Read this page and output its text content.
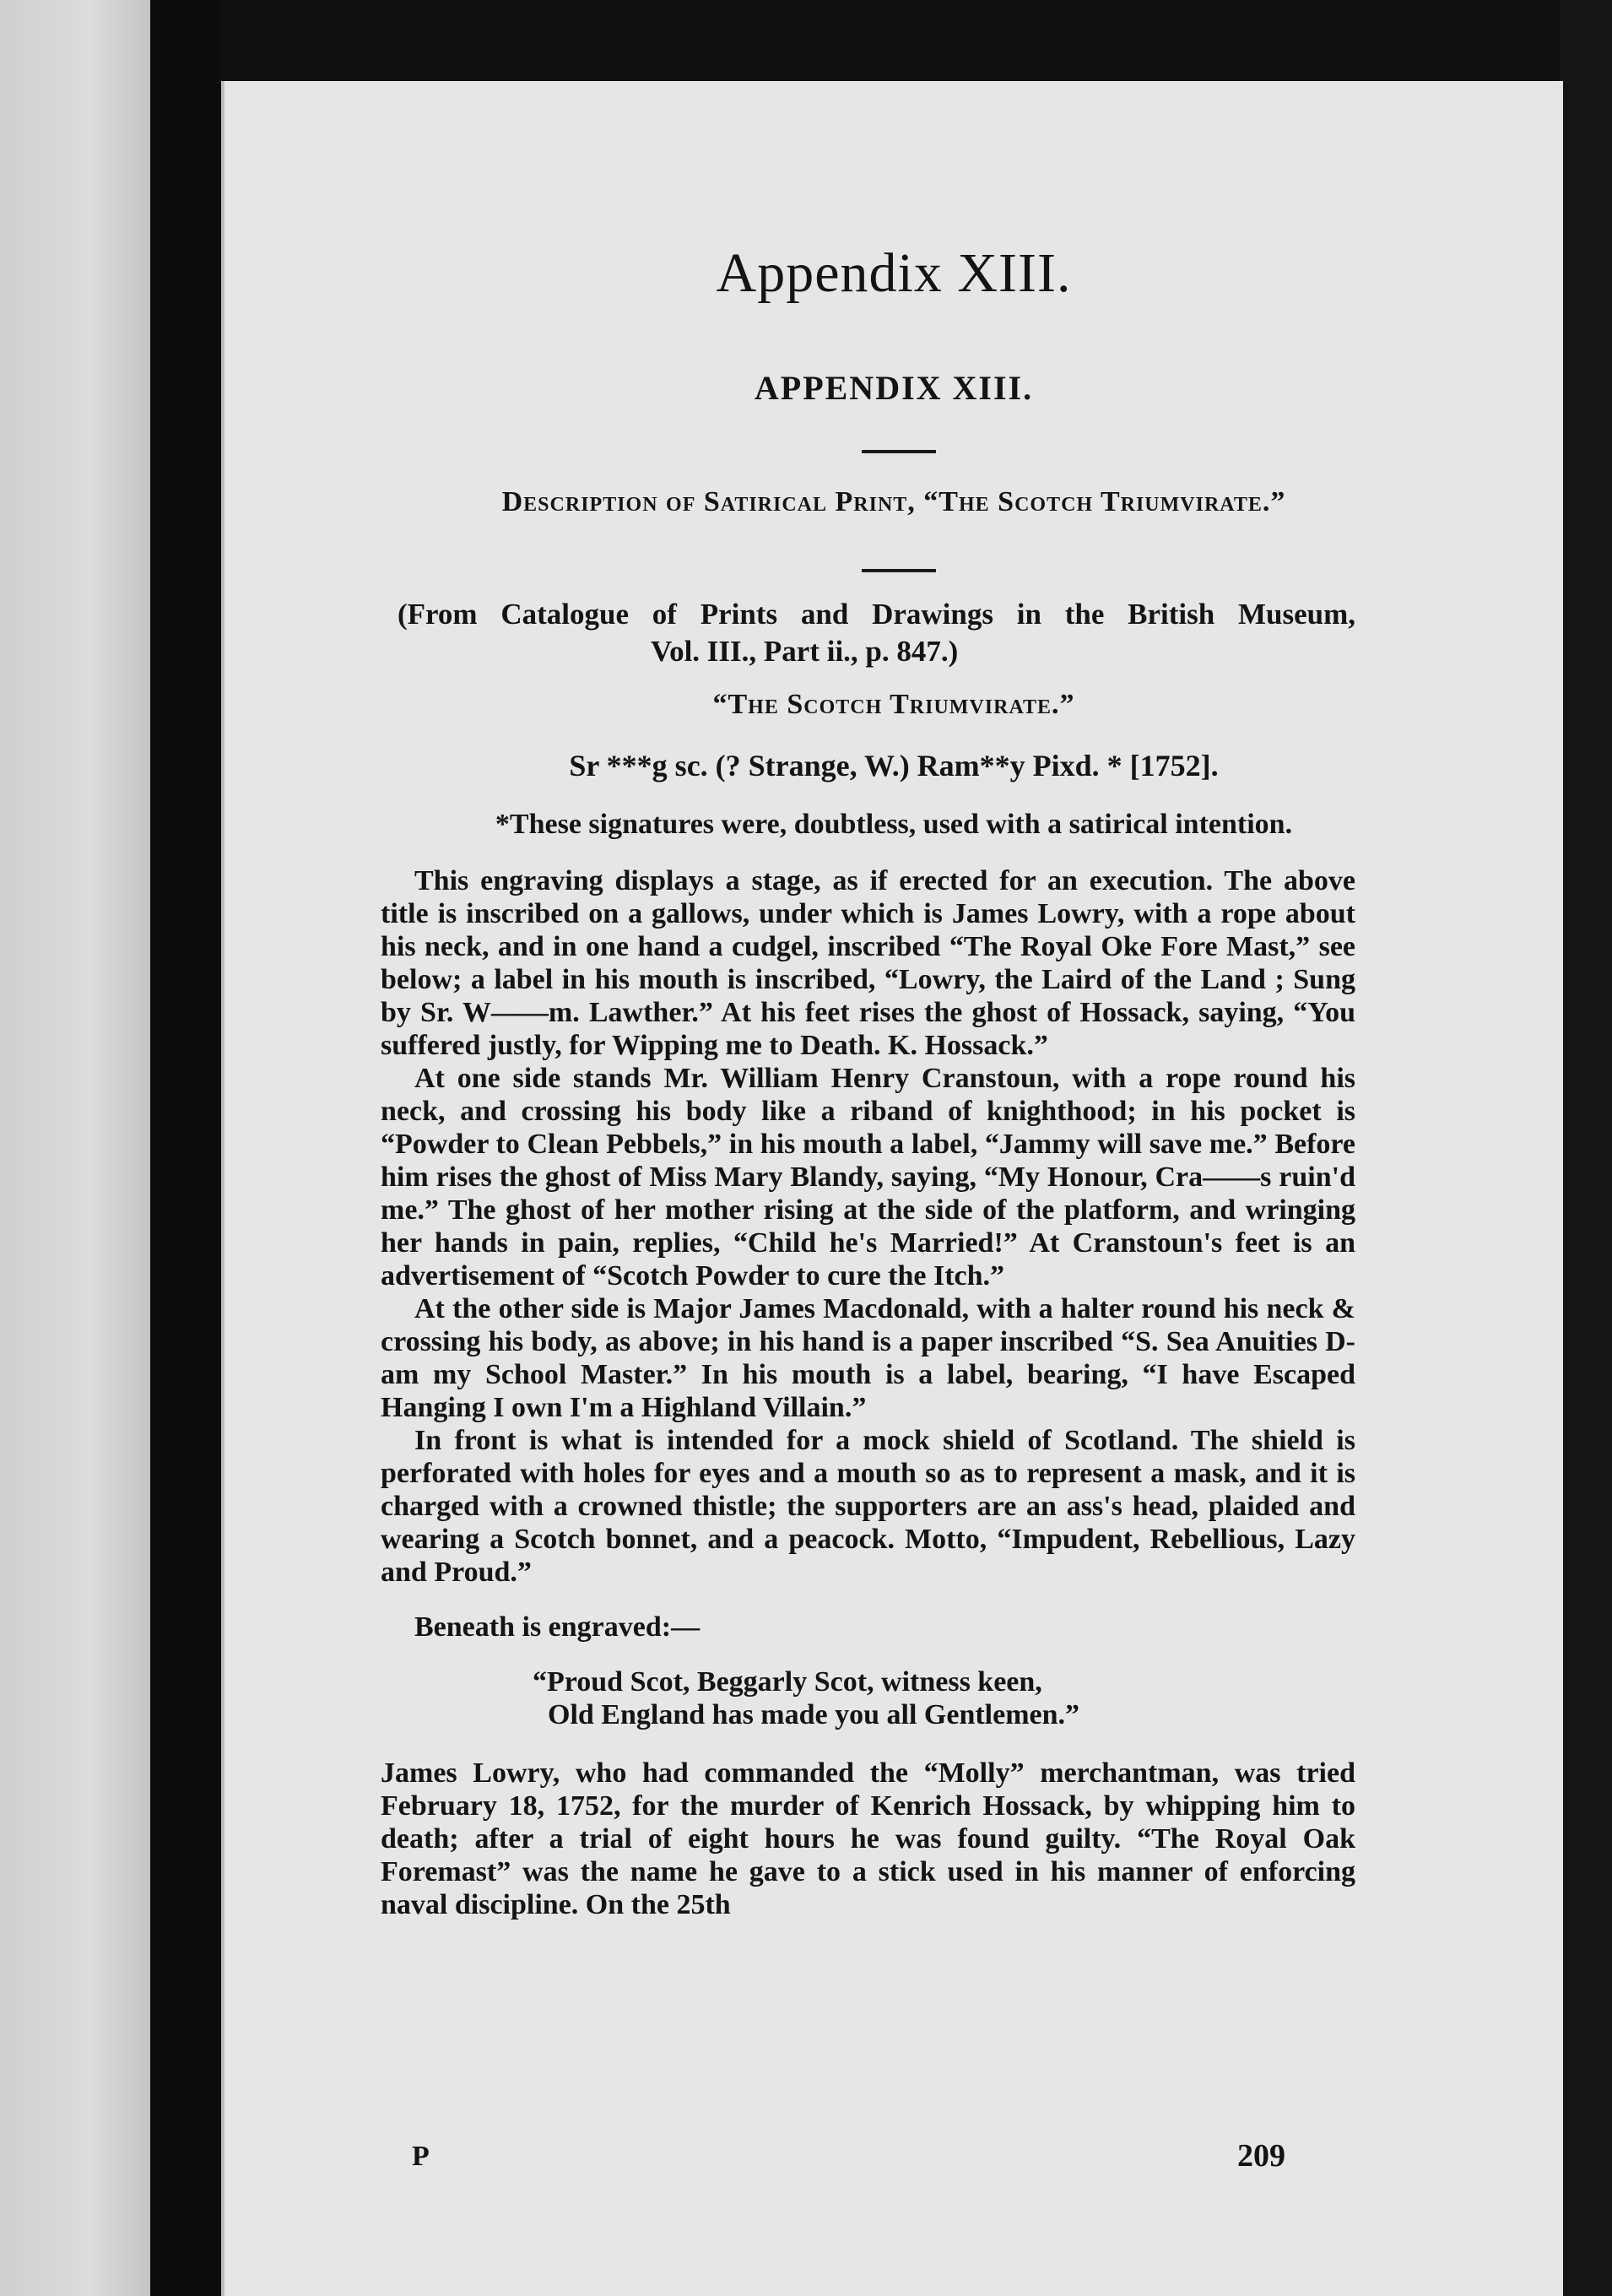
Appendix XIII.
APPENDIX XIII.
Description of Satirical Print, “The Scotch Triumvirate.”
(From Catalogue of Prints and Drawings in the British Museum,
Vol. III., Part ii., p. 847.)
“The Scotch Triumvirate.”
Sr ***g sc. (? Strange, W.) Ram**y Pixd. * [1752].
*These signatures were, doubtless, used with a satirical intention.

This engraving displays a stage, as if erected for an execution. The above title is inscribed on a gallows, under which is James Lowry, with a rope about his neck, and in one hand a cudgel, inscribed “The Royal Oke Fore Mast,” see below; a label in his mouth is inscribed, “Lowry, the Laird of the Land ; Sung by Sr. W——m. Lawther.” At his feet rises the ghost of Hossack, saying, “You suffered justly, for Wipping me to Death. K. Hossack.”

At one side stands Mr. William Henry Cranstoun, with a rope round his neck, and crossing his body like a riband of knighthood; in his pocket is “Powder to Clean Pebbels,” in his mouth a label, “Jammy will save me.” Before him rises the ghost of Miss Mary Blandy, saying, “My Honour, Cra——s ruin'd me.” The ghost of her mother rising at the side of the platform, and wringing her hands in pain, replies, “Child he's Married!” At Cranstoun's feet is an advertisement of “Scotch Powder to cure the Itch.”

At the other side is Major James Macdonald, with a halter round his neck & crossing his body, as above; in his hand is a paper inscribed “S. Sea Anuities D-am my School Master.” In his mouth is a label, bearing, “I have Escaped Hanging I own I'm a Highland Villain.”

In front is what is intended for a mock shield of Scotland. The shield is perforated with holes for eyes and a mouth so as to represent a mask, and it is charged with a crowned thistle; the supporters are an ass's head, plaided and wearing a Scotch bonnet, and a peacock. Motto, “Impudent, Rebellious, Lazy and Proud.”

Beneath is engraved:—

“Proud Scot, Beggarly Scot, witness keen,
Old England has made you all Gentlemen.”

James Lowry, who had commanded the “Molly” merchantman, was tried February 18, 1752, for the murder of Kenrich Hossack, by whipping him to death; after a trial of eight hours he was found guilty. “The Royal Oak Foremast” was the name he gave to a stick used in his manner of enforcing naval discipline. On the 25th

P	209
